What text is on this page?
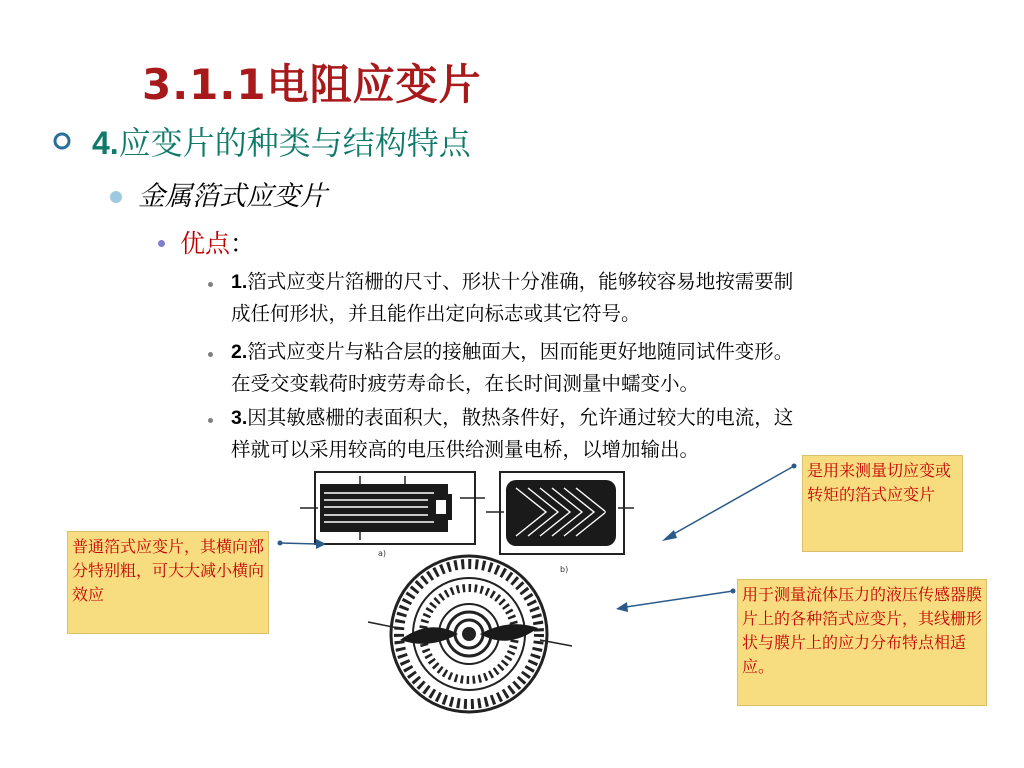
3.1.1电阻应变片
4.应变片的种类与结构特点
金属箔式应变片
优点：
1.箔式应变片箔栅的尺寸、形状十分准确，能够较容易地按需要制
成任何形状，并且能作出定向标志或其它符号。
2.箔式应变片与粘合层的接触面大，因而能更好地随同试件变形。
在受交变载荷时疲劳寿命长，在长时间测量中蠕变小。
3.因其敏感栅的表面积大，散热条件好，允许通过较大的电流，这
样就可以采用较高的电压供给测量电桥，以增加输出。
a)
b)
是用来测量切应变或转矩的箔式应变片
普通箔式应变片，其横向部分特别粗，可大大减小横向效应	用于测量流体压力的液压传感器膜片上的各种箔式应变片，其线栅形状与膜片上的应力分布特点相适应。
